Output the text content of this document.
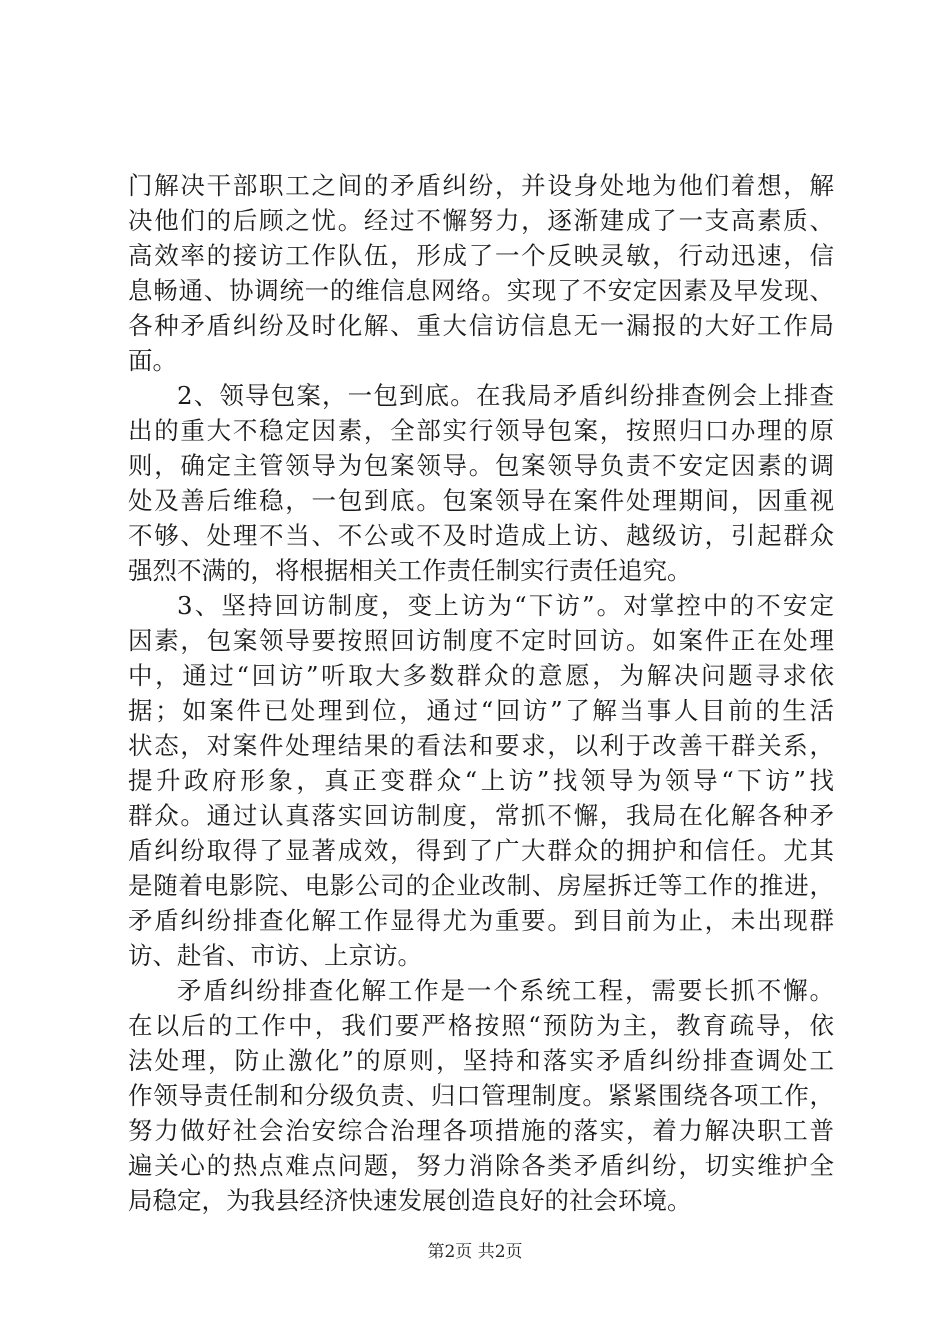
门解决干部职工之间的矛盾纠纷，并设身处地为他们着想，解
决他们的后顾之忧。经过不懈努力，逐渐建成了一支高素质、
高效率的接访工作队伍，形成了一个反映灵敏，行动迅速，信
息畅通、协调统一的维信息网络。实现了不安定因素及早发现、
各种矛盾纠纷及时化解、重大信访信息无一漏报的大好工作局
面。
2、领导包案，一包到底。在我局矛盾纠纷排查例会上排查
出的重大不稳定因素，全部实行领导包案，按照归口办理的原
则，确定主管领导为包案领导。包案领导负责不安定因素的调
处及善后维稳，一包到底。包案领导在案件处理期间，因重视
不够、处理不当、不公或不及时造成上访、越级访，引起群众
强烈不满的，将根据相关工作责任制实行责任追究。
3、坚持回访制度，变上访为“下访”。对掌控中的不安定
因素，包案领导要按照回访制度不定时回访。如案件正在处理
中，通过“回访”听取大多数群众的意愿，为解决问题寻求依
据；如案件已处理到位，通过“回访”了解当事人目前的生活
状态，对案件处理结果的看法和要求，以利于改善干群关系，
提升政府形象，真正变群众“上访”找领导为领导“下访”找
群众。通过认真落实回访制度，常抓不懈，我局在化解各种矛
盾纠纷取得了显著成效，得到了广大群众的拥护和信任。尤其
是随着电影院、电影公司的企业改制、房屋拆迁等工作的推进，
矛盾纠纷排查化解工作显得尤为重要。到目前为止，未出现群
访、赴省、市访、上京访。
矛盾纠纷排查化解工作是一个系统工程，需要长抓不懈。
在以后的工作中，我们要严格按照“预防为主，教育疏导，依
法处理，防止激化”的原则，坚持和落实矛盾纠纷排查调处工
作领导责任制和分级负责、归口管理制度。紧紧围绕各项工作，
努力做好社会治安综合治理各项措施的落实，着力解决职工普
遍关心的热点难点问题，努力消除各类矛盾纠纷，切实维护全
局稳定，为我县经济快速发展创造良好的社会环境。
第2页 共2页
